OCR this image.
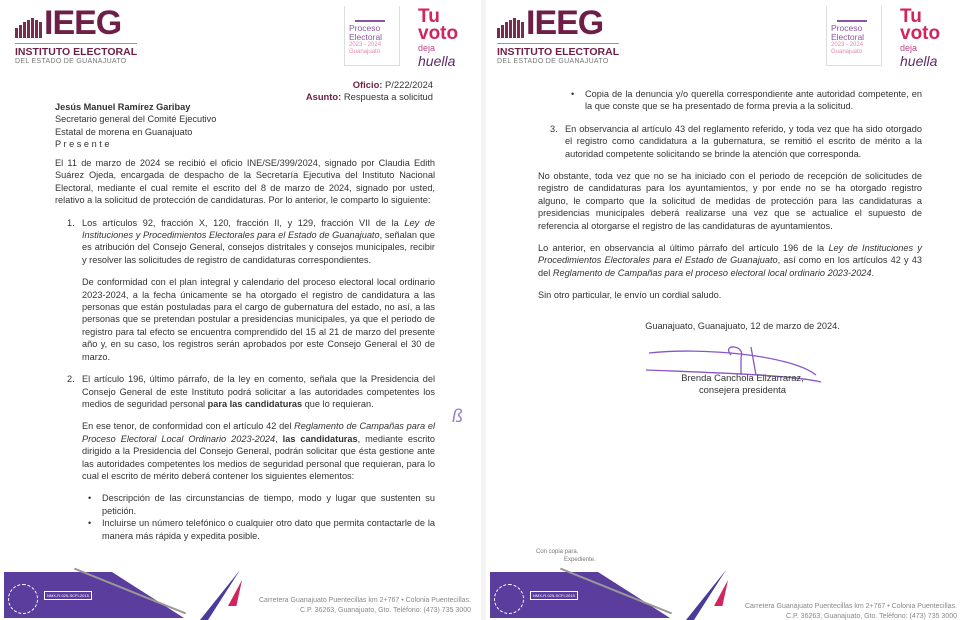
IEEG
INSTITUTO ELECTORAL
DEL ESTADO DE GUANAJUATO
Proceso
Electoral
2023 - 2024
Guanajuato
Tu
voto
deja
huella
Oficio: P/222/2024
Asunto: Respuesta a solicitud
Jesús Manuel Ramírez Garibay
Secretario general del Comité Ejecutivo
Estatal de morena en Guanajuato
P r e s e n t e

El 11 de marzo de 2024 se recibió el oficio INE/SE/399/2024, signado por Claudia Edith Suárez Ojeda, encargada de despacho de la Secretaría Ejecutiva del Instituto Nacional Electoral, mediante el cual remite el escrito del 8 de marzo de 2024, signado por usted, relativo a la solicitud de protección de candidaturas. Por lo anterior, le comparto lo siguiente:

1. Los artículos 92, fracción X, 120, fracción II, y 129, fracción VII de la Ley de Instituciones y Procedimientos Electorales para el Estado de Guanajuato, señalan que es atribución del Consejo General, consejos distritales y consejos municipales, recibir y resolver las solicitudes de registro de candidaturas correspondientes.

De conformidad con el plan integral y calendario del proceso electoral local ordinario 2023-2024, a la fecha únicamente se ha otorgado el registro de candidatura a las personas que están postuladas para el cargo de gubernatura del estado, no así, a las personas que se pretendan postular a presidencias municipales, ya que el periodo de registro para tal efecto se encuentra comprendido del 15 al 21 de marzo del presente año y, en su caso, los registros serán aprobados por este Consejo General el 30 de marzo.

2. El artículo 196, último párrafo, de la ley en comento, señala que la Presidencia del Consejo General de este Instituto podrá solicitar a las autoridades competentes los medios de seguridad personal para las candidaturas que lo requieran.

En ese tenor, de conformidad con el artículo 42 del Reglamento de Campañas para el Proceso Electoral Local Ordinario 2023-2024, las candidaturas, mediante escrito dirigido a la Presidencia del Consejo General, podrán solicitar que ésta gestione ante las autoridades competentes los medios de seguridad personal que requieran, para lo cual el escrito de mérito deberá contener los siguientes elementos:

• Descripción de las circunstancias de tiempo, modo y lugar que sustenten su petición.
• Incluirse un número telefónico o cualquier otro dato que permita contactarle de la manera más rápida y expedita posible.
ß
NMX-R-025-SCFI-2015
Carretera Guanajuato Puentecillas km 2+767 • Colonia Puentecillas.
C.P. 36263, Guanajuato, Gto. Teléfono: (473) 735 3000
IEEG
INSTITUTO ELECTORAL
DEL ESTADO DE GUANAJUATO
Proceso
Electoral
2023 - 2024
Guanajuato
Tu
voto
deja
huella
• Copia de la denuncia y/o querella correspondiente ante autoridad competente, en la que conste que se ha presentado de forma previa a la solicitud.
3. En observancia al artículo 43 del reglamento referido, y toda vez que ha sido otorgado el registro como candidatura a la gubernatura, se remitió el escrito de mérito a la autoridad competente solicitando se brinde la atención que corresponda.

No obstante, toda vez que no se ha iniciado con el periodo de recepción de solicitudes de registro de candidaturas para los ayuntamientos, y por ende no se ha otorgado registro alguno, le comparto que la solicitud de medidas de protección para las candidaturas a presidencias municipales deberá realizarse una vez que se actualice el supuesto de referencia al otorgarse el registro de las candidaturas de ayuntamientos.

Lo anterior, en observancia al último párrafo del artículo 196 de la Ley de Instituciones y Procedimientos Electorales para el Estado de Guanajuato, así como en los artículos 42 y 43 del Reglamento de Campañas para el proceso electoral local ordinario 2023-2024.

Sin otro particular, le envío un cordial saludo.

Guanajuato, Guanajuato, 12 de marzo de 2024.
Brenda Canchola Elizarraraz,
consejera presidenta
Con copia para.
Expediente.
NMX-R-025-SCFI-2015
Carretera Guanajuato Puentecillas km 2+767 • Colonia Puentecillas.
C.P. 36263, Guanajuato, Gto. Teléfono: (473) 735 3000
